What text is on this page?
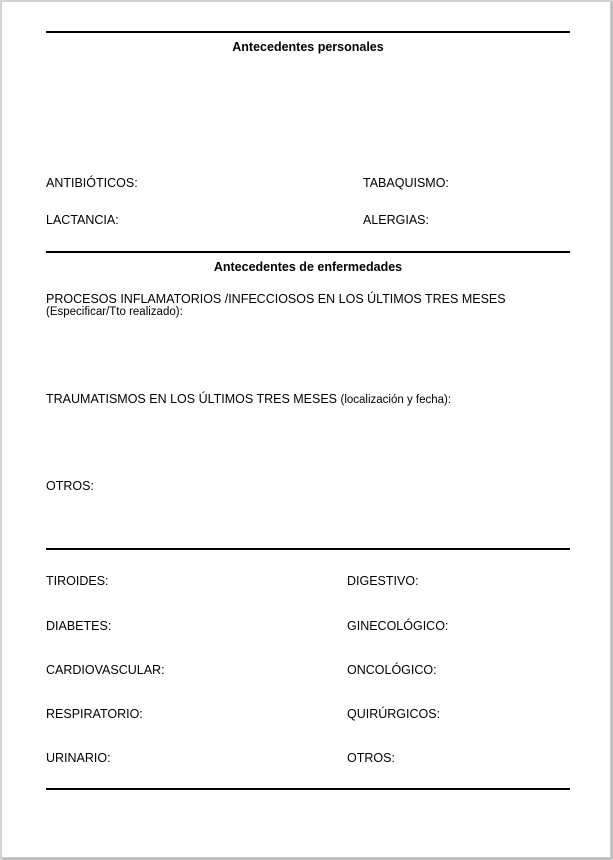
Antecedentes personales
ANTIBIÓTICOS:	TABAQUISMO:
LACTANCIA:	ALERGIAS:
Antecedentes de enfermedades
PROCESOS INFLAMATORIOS /INFECCIOSOS EN LOS ÚLTIMOS TRES MESES
(Especificar/Tto realizado):
TRAUMATISMOS EN LOS ÚLTIMOS TRES MESES (localización y fecha):
OTROS:
TIROIDES:	DIGESTIVO:
DIABETES:	GINECOLÓGICO:
CARDIOVASCULAR:	ONCOLÓGICO:
RESPIRATORIO:	QUIRÚRGICOS:
URINARIO:	OTROS:
